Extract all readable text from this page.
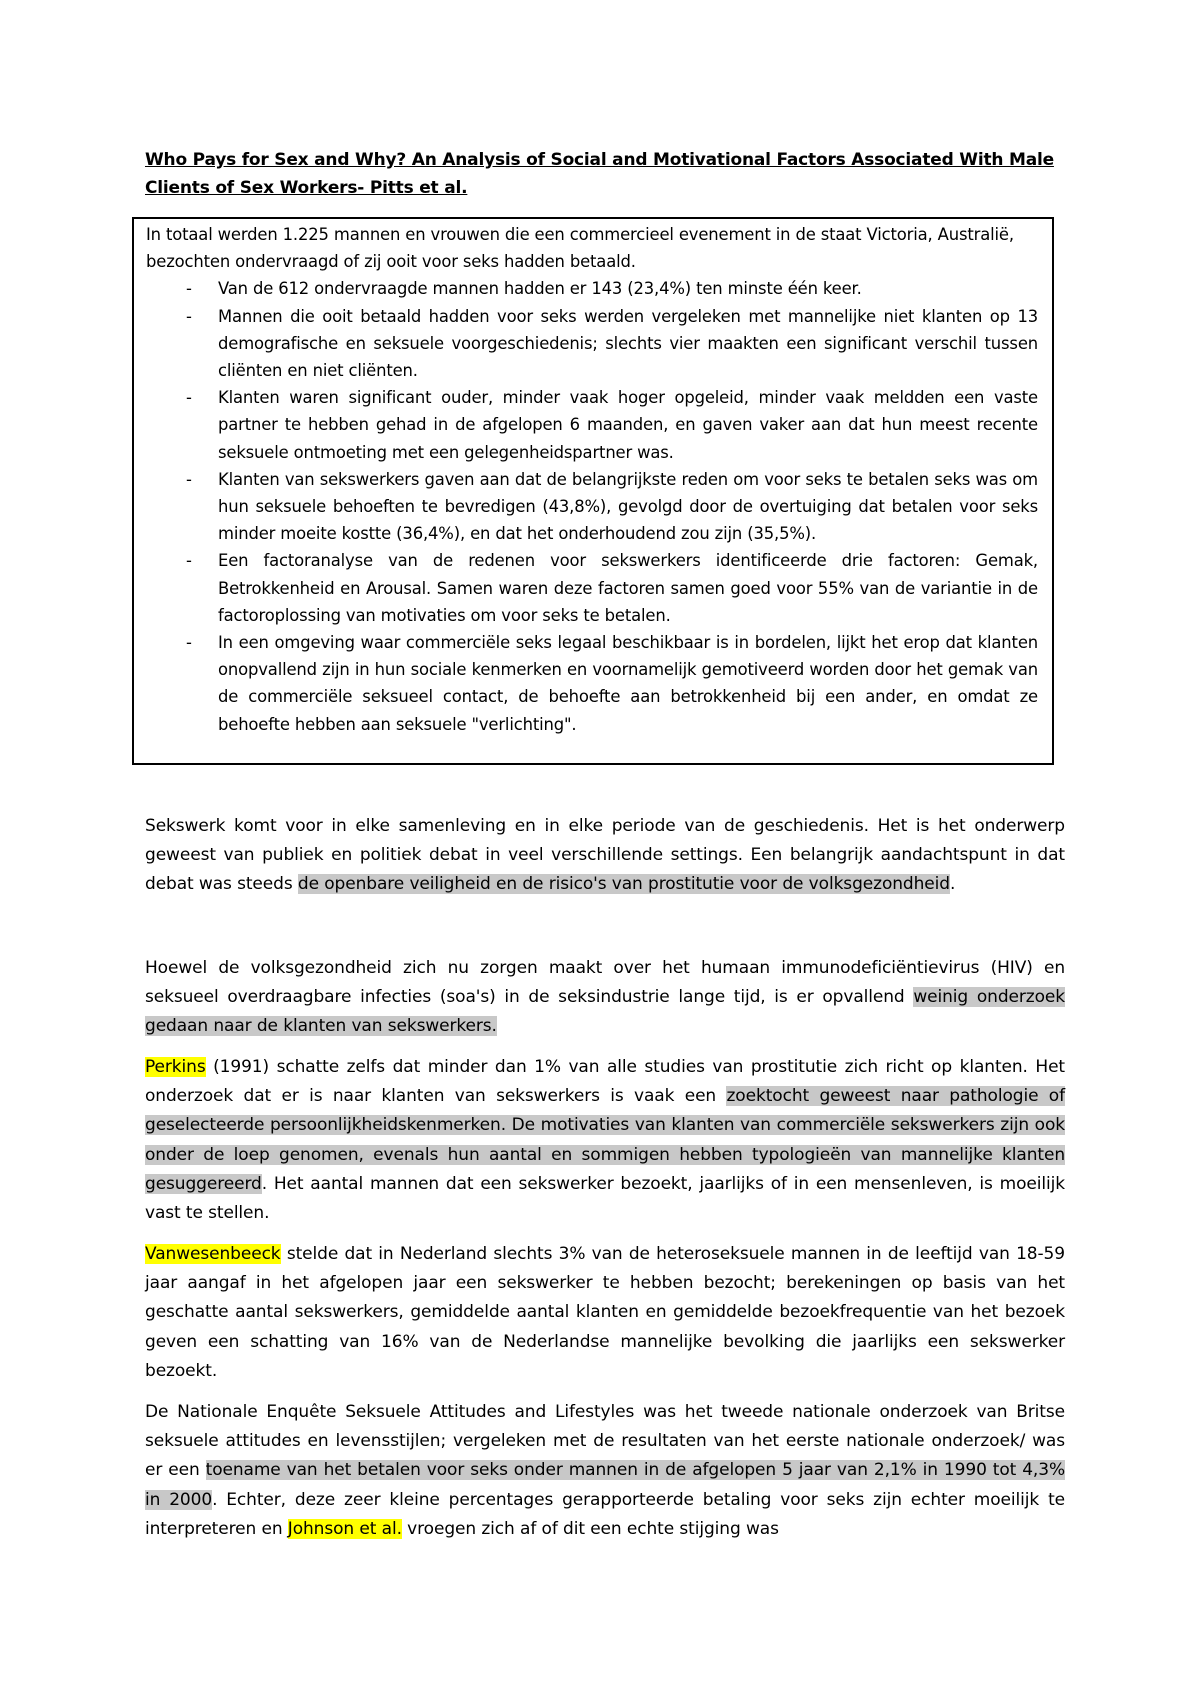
Who Pays for Sex and Why? An Analysis of Social and Motivational Factors Associated With Male
Clients of Sex Workers- Pitts et al.

In totaal werden 1.225 mannen en vrouwen die een commercieel evenement in de staat Victoria, Australië, bezochten ondervraagd of zij ooit voor seks hadden betaald.

- Van de 612 ondervraagde mannen hadden er 143 (23,4%) ten minste één keer.
- Mannen die ooit betaald hadden voor seks werden vergeleken met mannelijke niet klanten op 13 demografische en seksuele voorgeschiedenis; slechts vier maakten een significant verschil tussen cliënten en niet cliënten.
- Klanten waren significant ouder, minder vaak hoger opgeleid, minder vaak meldden een vaste partner te hebben gehad in de afgelopen 6 maanden, en gaven vaker aan dat hun meest recente seksuele ontmoeting met een gelegenheidspartner was.
- Klanten van sekswerkers gaven aan dat de belangrijkste reden om voor seks te betalen seks was om hun seksuele behoeften te bevredigen (43,8%), gevolgd door de overtuiging dat betalen voor seks minder moeite kostte (36,4%), en dat het onderhoudend zou zijn (35,5%).
- Een factoranalyse van de redenen voor sekswerkers identificeerde drie factoren: Gemak, Betrokkenheid en Arousal. Samen waren deze factoren samen goed voor 55% van de variantie in de factoroplossing van motivaties om voor seks te betalen.
- In een omgeving waar commerciële seks legaal beschikbaar is in bordelen, lijkt het erop dat klanten onopvallend zijn in hun sociale kenmerken en voornamelijk gemotiveerd worden door het gemak van de commerciële seksueel contact, de behoefte aan betrokkenheid bij een ander, en omdat ze behoefte hebben aan seksuele "verlichting".

Sekswerk komt voor in elke samenleving en in elke periode van de geschiedenis. Het is het onderwerp geweest van publiek en politiek debat in veel verschillende settings. Een belangrijk aandachtspunt in dat debat was steeds de openbare veiligheid en de risico's van prostitutie voor de volksgezondheid.

Hoewel de volksgezondheid zich nu zorgen maakt over het humaan immunodeficiëntievirus (HIV) en seksueel overdraagbare infecties (soa's) in de seksindustrie lange tijd, is er opvallend weinig onderzoek gedaan naar de klanten van sekswerkers.

Perkins (1991) schatte zelfs dat minder dan 1% van alle studies van prostitutie zich richt op klanten. Het onderzoek dat er is naar klanten van sekswerkers is vaak een zoektocht geweest naar pathologie of geselecteerde persoonlijkheidskenmerken. De motivaties van klanten van commerciële sekswerkers zijn ook onder de loep genomen, evenals hun aantal en sommigen hebben typologieën van mannelijke klanten gesuggereerd. Het aantal mannen dat een sekswerker bezoekt, jaarlijks of in een mensenleven, is moeilijk vast te stellen.

Vanwesenbeeck stelde dat in Nederland slechts 3% van de heteroseksuele mannen in de leeftijd van 18-59 jaar aangaf in het afgelopen jaar een sekswerker te hebben bezocht; berekeningen op basis van het geschatte aantal sekswerkers, gemiddelde aantal klanten en gemiddelde bezoekfrequentie van het bezoek geven een schatting van 16% van de Nederlandse mannelijke bevolking die jaarlijks een sekswerker bezoekt.

De Nationale Enquête Seksuele Attitudes and Lifestyles was het tweede nationale onderzoek van Britse seksuele attitudes en levensstijlen; vergeleken met de resultaten van het eerste nationale onderzoek/ was er een toename van het betalen voor seks onder mannen in de afgelopen 5 jaar van 2,1% in 1990 tot 4,3% in 2000. Echter, deze zeer kleine percentages gerapporteerde betaling voor seks zijn echter moeilijk te interpreteren en Johnson et al. vroegen zich af of dit een echte stijging was
